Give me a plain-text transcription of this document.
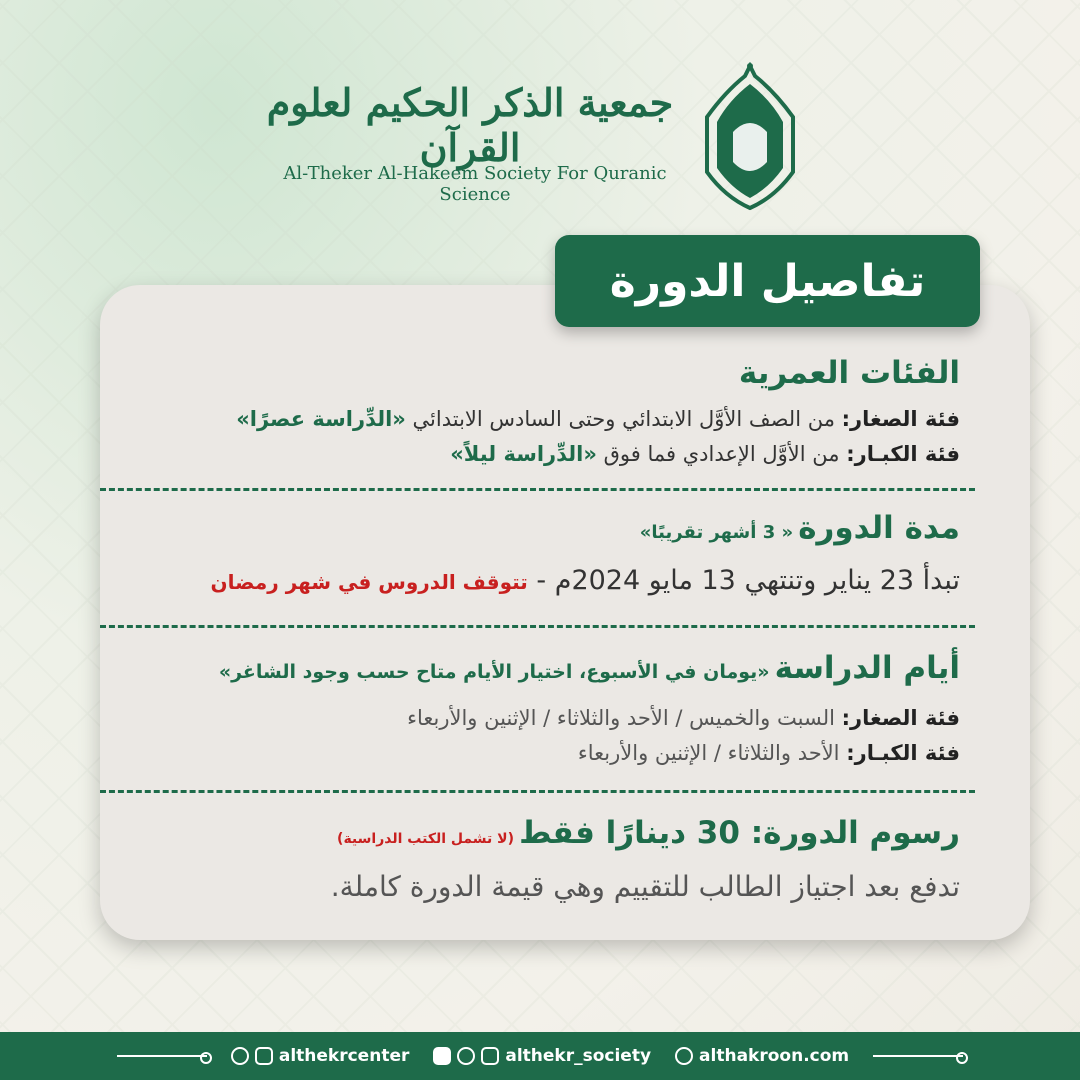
جمعية الذكر الحكيم لعلوم القرآن
Al-Theker Al-Hakeem Society For Quranic Science
تفاصيل الدورة
الفئات العمرية
فئة الصغار: من الصف الأوَّل الابتدائي وحتى السادس الابتدائي «الدِّراسة عصرًا»
فئة الكبـار: من الأوَّل الإعدادي فما فوق «الدِّراسة ليلاً»
مدة الدورة « 3 أشهر تقريبًا»
تبدأ 23 يناير وتنتهي 13 مايو 2024م - تتوقف الدروس في شهر رمضان
أيام الدراسة «يومان في الأسبوع، اختيار الأيام متاح حسب وجود الشاغر»
فئة الصغار: السبت والخميس / الأحد والثلاثاء / الإثنين والأربعاء
فئة الكبـار: الأحد والثلاثاء / الإثنين والأربعاء
رسوم الدورة: 30 دينارًا فقط (لا تشمل الكتب الدراسية)
تدفع بعد اجتياز الطالب للتقييم وهي قيمة الدورة كاملة.
althekrcenter	althekr_society	althakroon.com
